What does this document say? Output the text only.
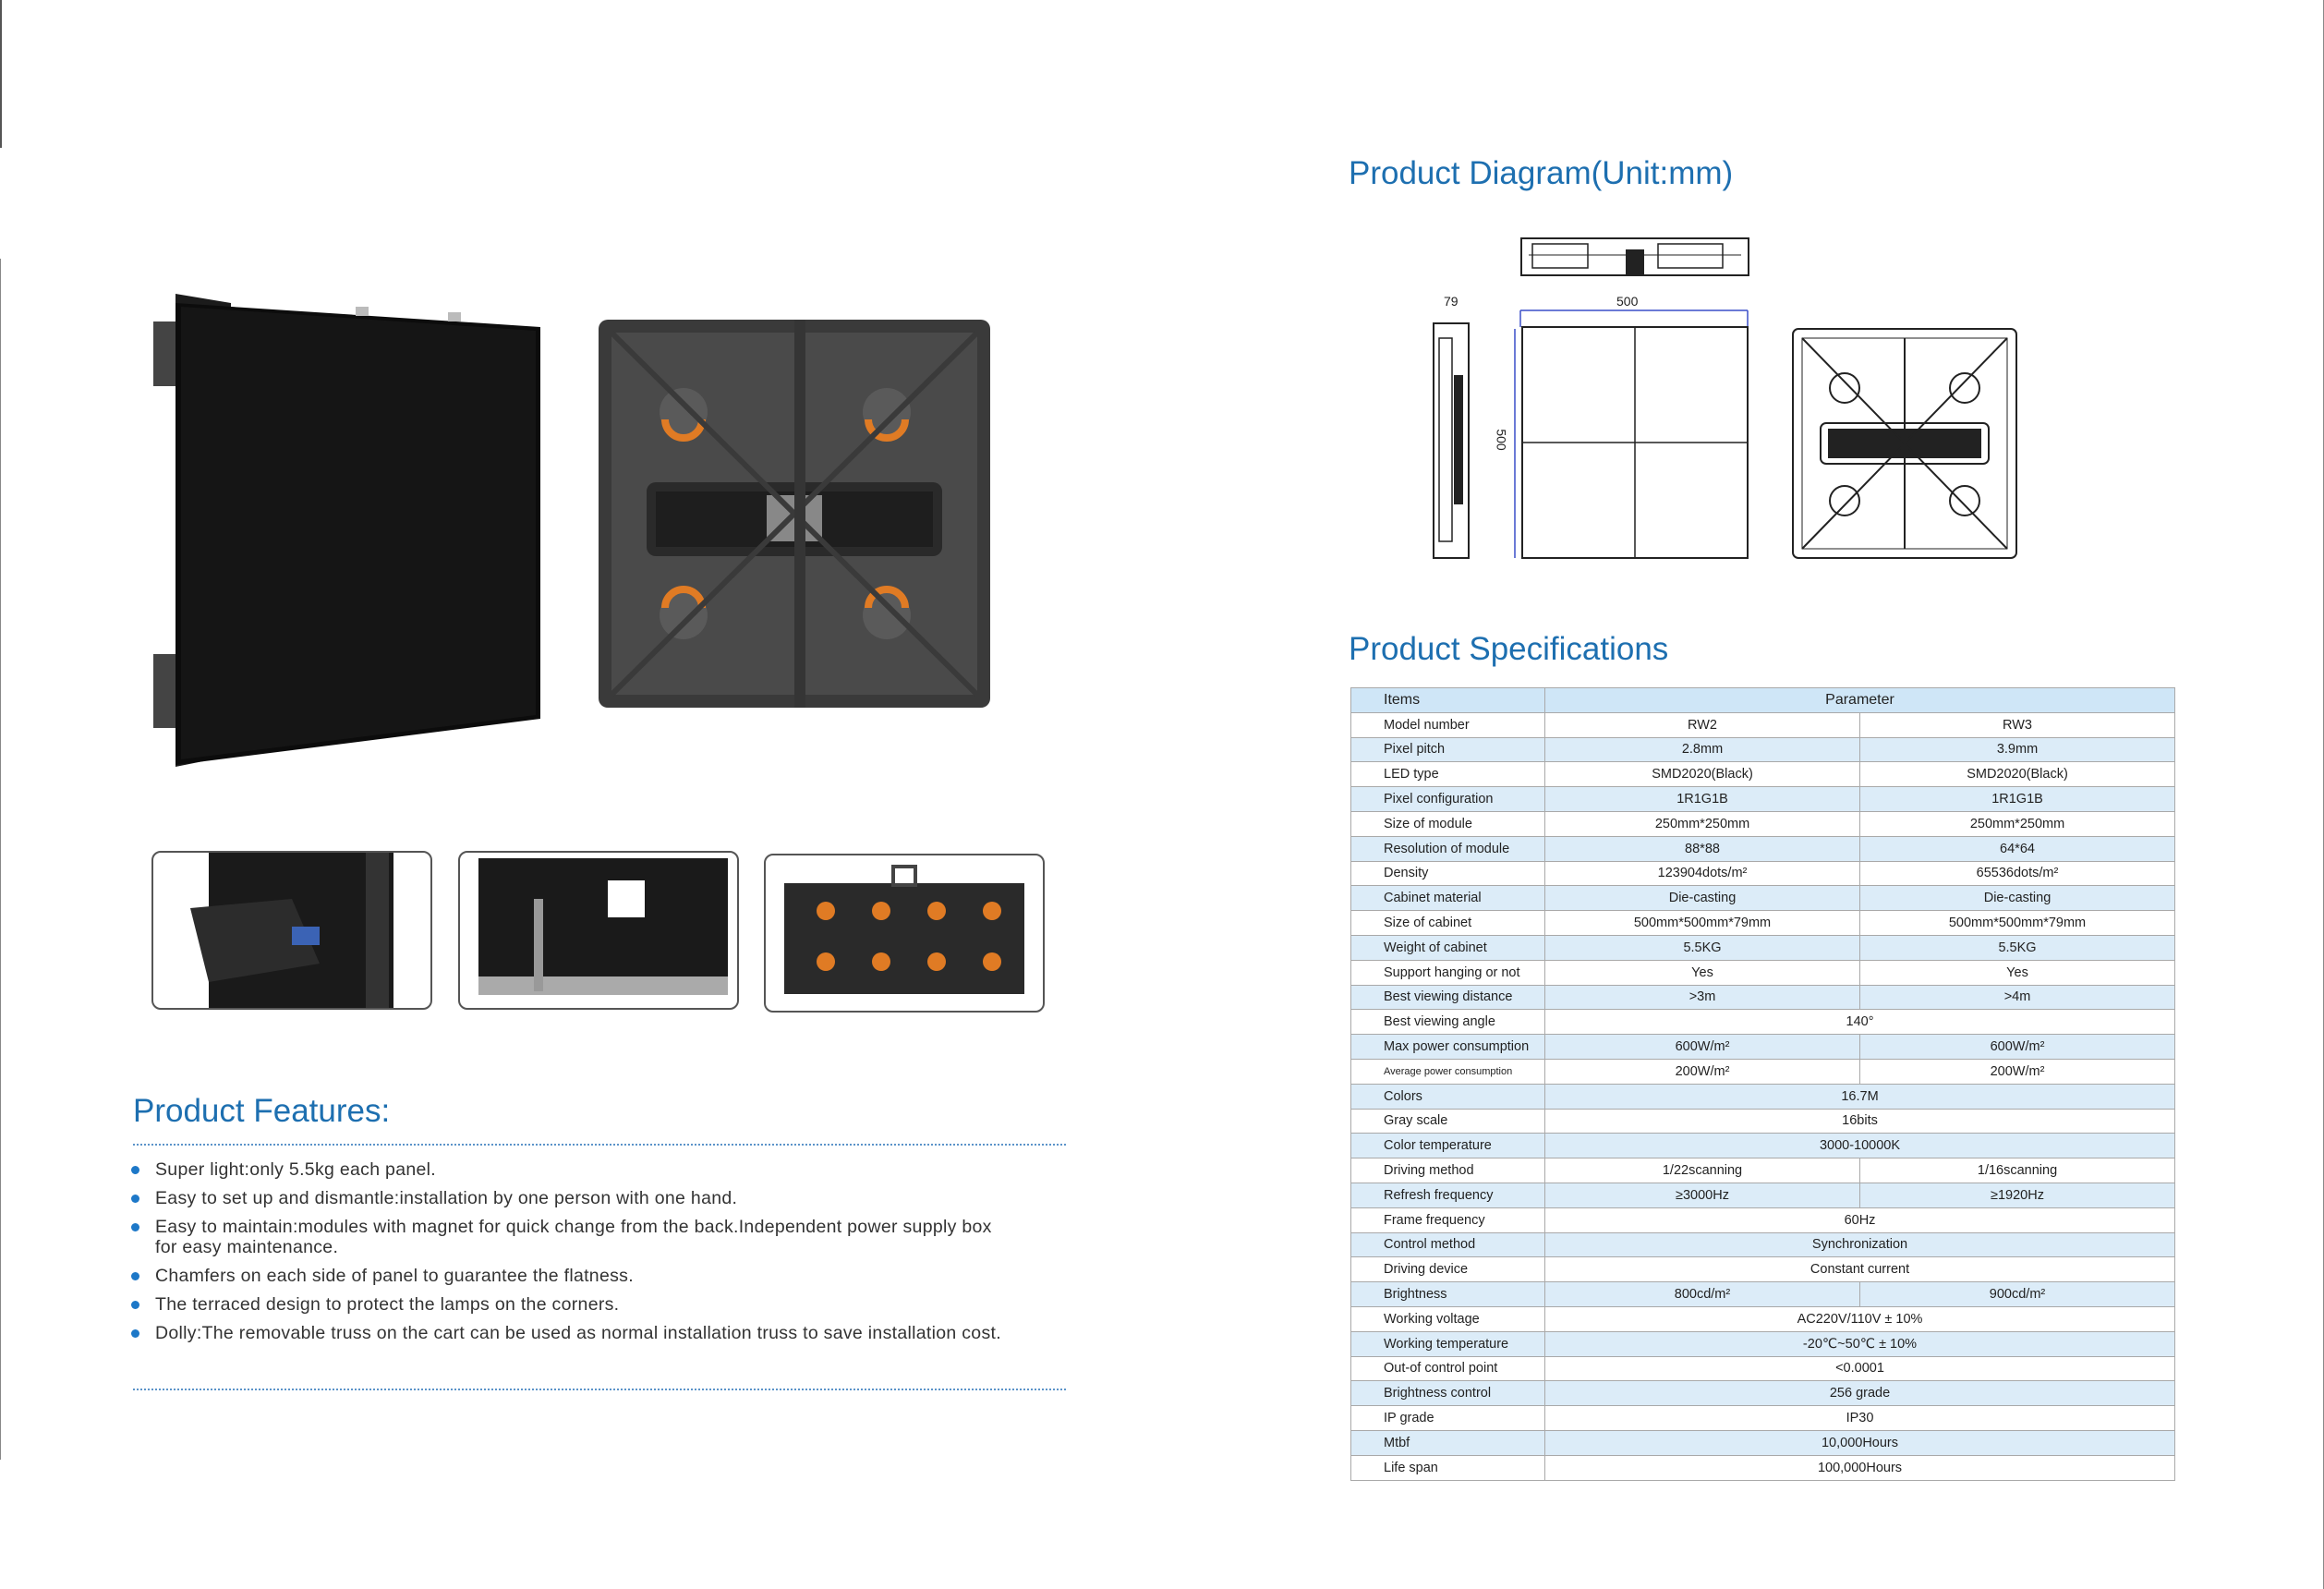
Product Features:
Super light:only 5.5kg each panel.
Easy to set up and dismantle:installation by one person with one hand.
Easy to maintain:modules with magnet for quick change from the back.Independent power supply box for easy maintenance.
Chamfers on each side of panel to guarantee the flatness.
The terraced design to protect the lamps on the corners.
Dolly:The removable truss on the cart can be used as normal installation truss to save installation cost.
Product Diagram(Unit:mm)
79	500
500
Product Specifications
Items	Parameter	
Model number	RW2	RW3
Pixel pitch	2.8mm	3.9mm
LED type	SMD2020(Black)	SMD2020(Black)
Pixel configuration	1R1G1B	1R1G1B
Size of module	250mm*250mm	250mm*250mm
Resolution of module	88*88	64*64
Density	123904dots/m²	65536dots/m²
Cabinet material	Die-casting	Die-casting
Size of cabinet	500mm*500mm*79mm	500mm*500mm*79mm
Weight of cabinet	5.5KG	5.5KG
Support hanging or not	Yes	Yes
Best viewing distance	>3m	>4m
Best viewing angle	140°	
Max power consumption	600W/m²	600W/m²
Average power consumption	200W/m²	200W/m²
Colors	16.7M	
Gray scale	16bits	
Color temperature	3000-10000K	
Driving method	1/22scanning	1/16scanning
Refresh frequency	≥3000Hz	≥1920Hz
Frame frequency	60Hz	
Control method	Synchronization	
Driving device	Constant current	
Brightness	800cd/m²	900cd/m²
Working voltage	AC220V/110V ± 10%	
Working temperature	-20℃~50℃ ± 10%	
Out-of control point	<0.0001	
Brightness control	256 grade	
IP grade	IP30	
Mtbf	10,000Hours	
Life span	100,000Hours	
